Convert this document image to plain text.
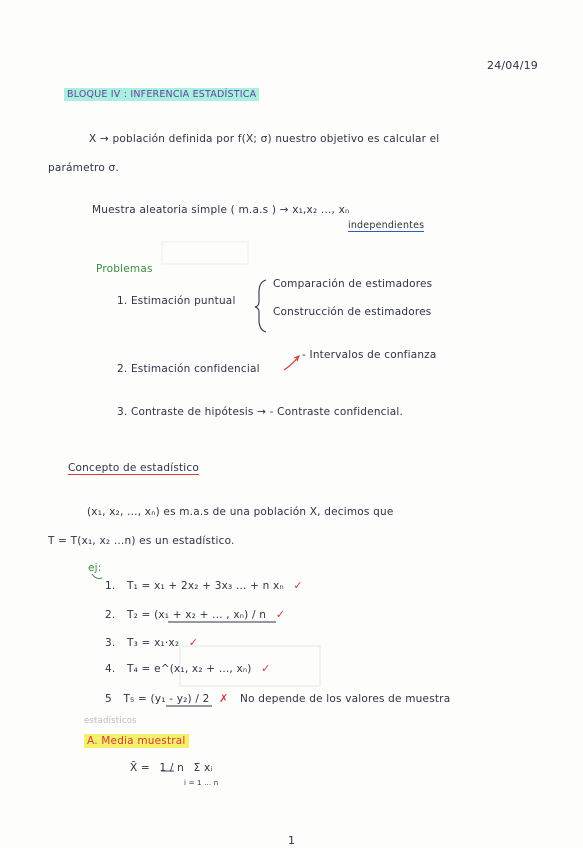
24/04/19
BLOQUE IV : INFERENCIA ESTADÍSTICA
X → población definida por f(X; σ) nuestro objetivo es calcular el
parámetro σ.
Muestra aleatoria simple ( m.a.s ) → x₁,x₂ ..., xₙ
independientes
Problemas
1. Estimación puntual
Comparación de estimadores
Construcción de estimadores
2. Estimación confidencial
- Intervalos de confianza
3. Contraste de hipótesis → - Contraste confidencial.
Concepto de estadístico
(x₁, x₂, ..., xₙ) es m.a.s de una población X, decimos que
T = T(x₁, x₂ ...n) es un estadístico.
ej:
1. T₁ = x₁ + 2x₂ + 3x₃ ... + n xₙ ✓
2. T₂ = (x₁ + x₂ + ... , xₙ) / n ✓
3. T₃ = x₁·x₂ ✓
4. T₄ = e^(x₁, x₂ + ..., xₙ) ✓
5 T₅ = (y₁ - y₂) / 2 ✗ No depende de los valores de muestra
estadísticos
A. Media muestral
X̄ = 1 / n Σ xᵢ
i = 1 … n
1
